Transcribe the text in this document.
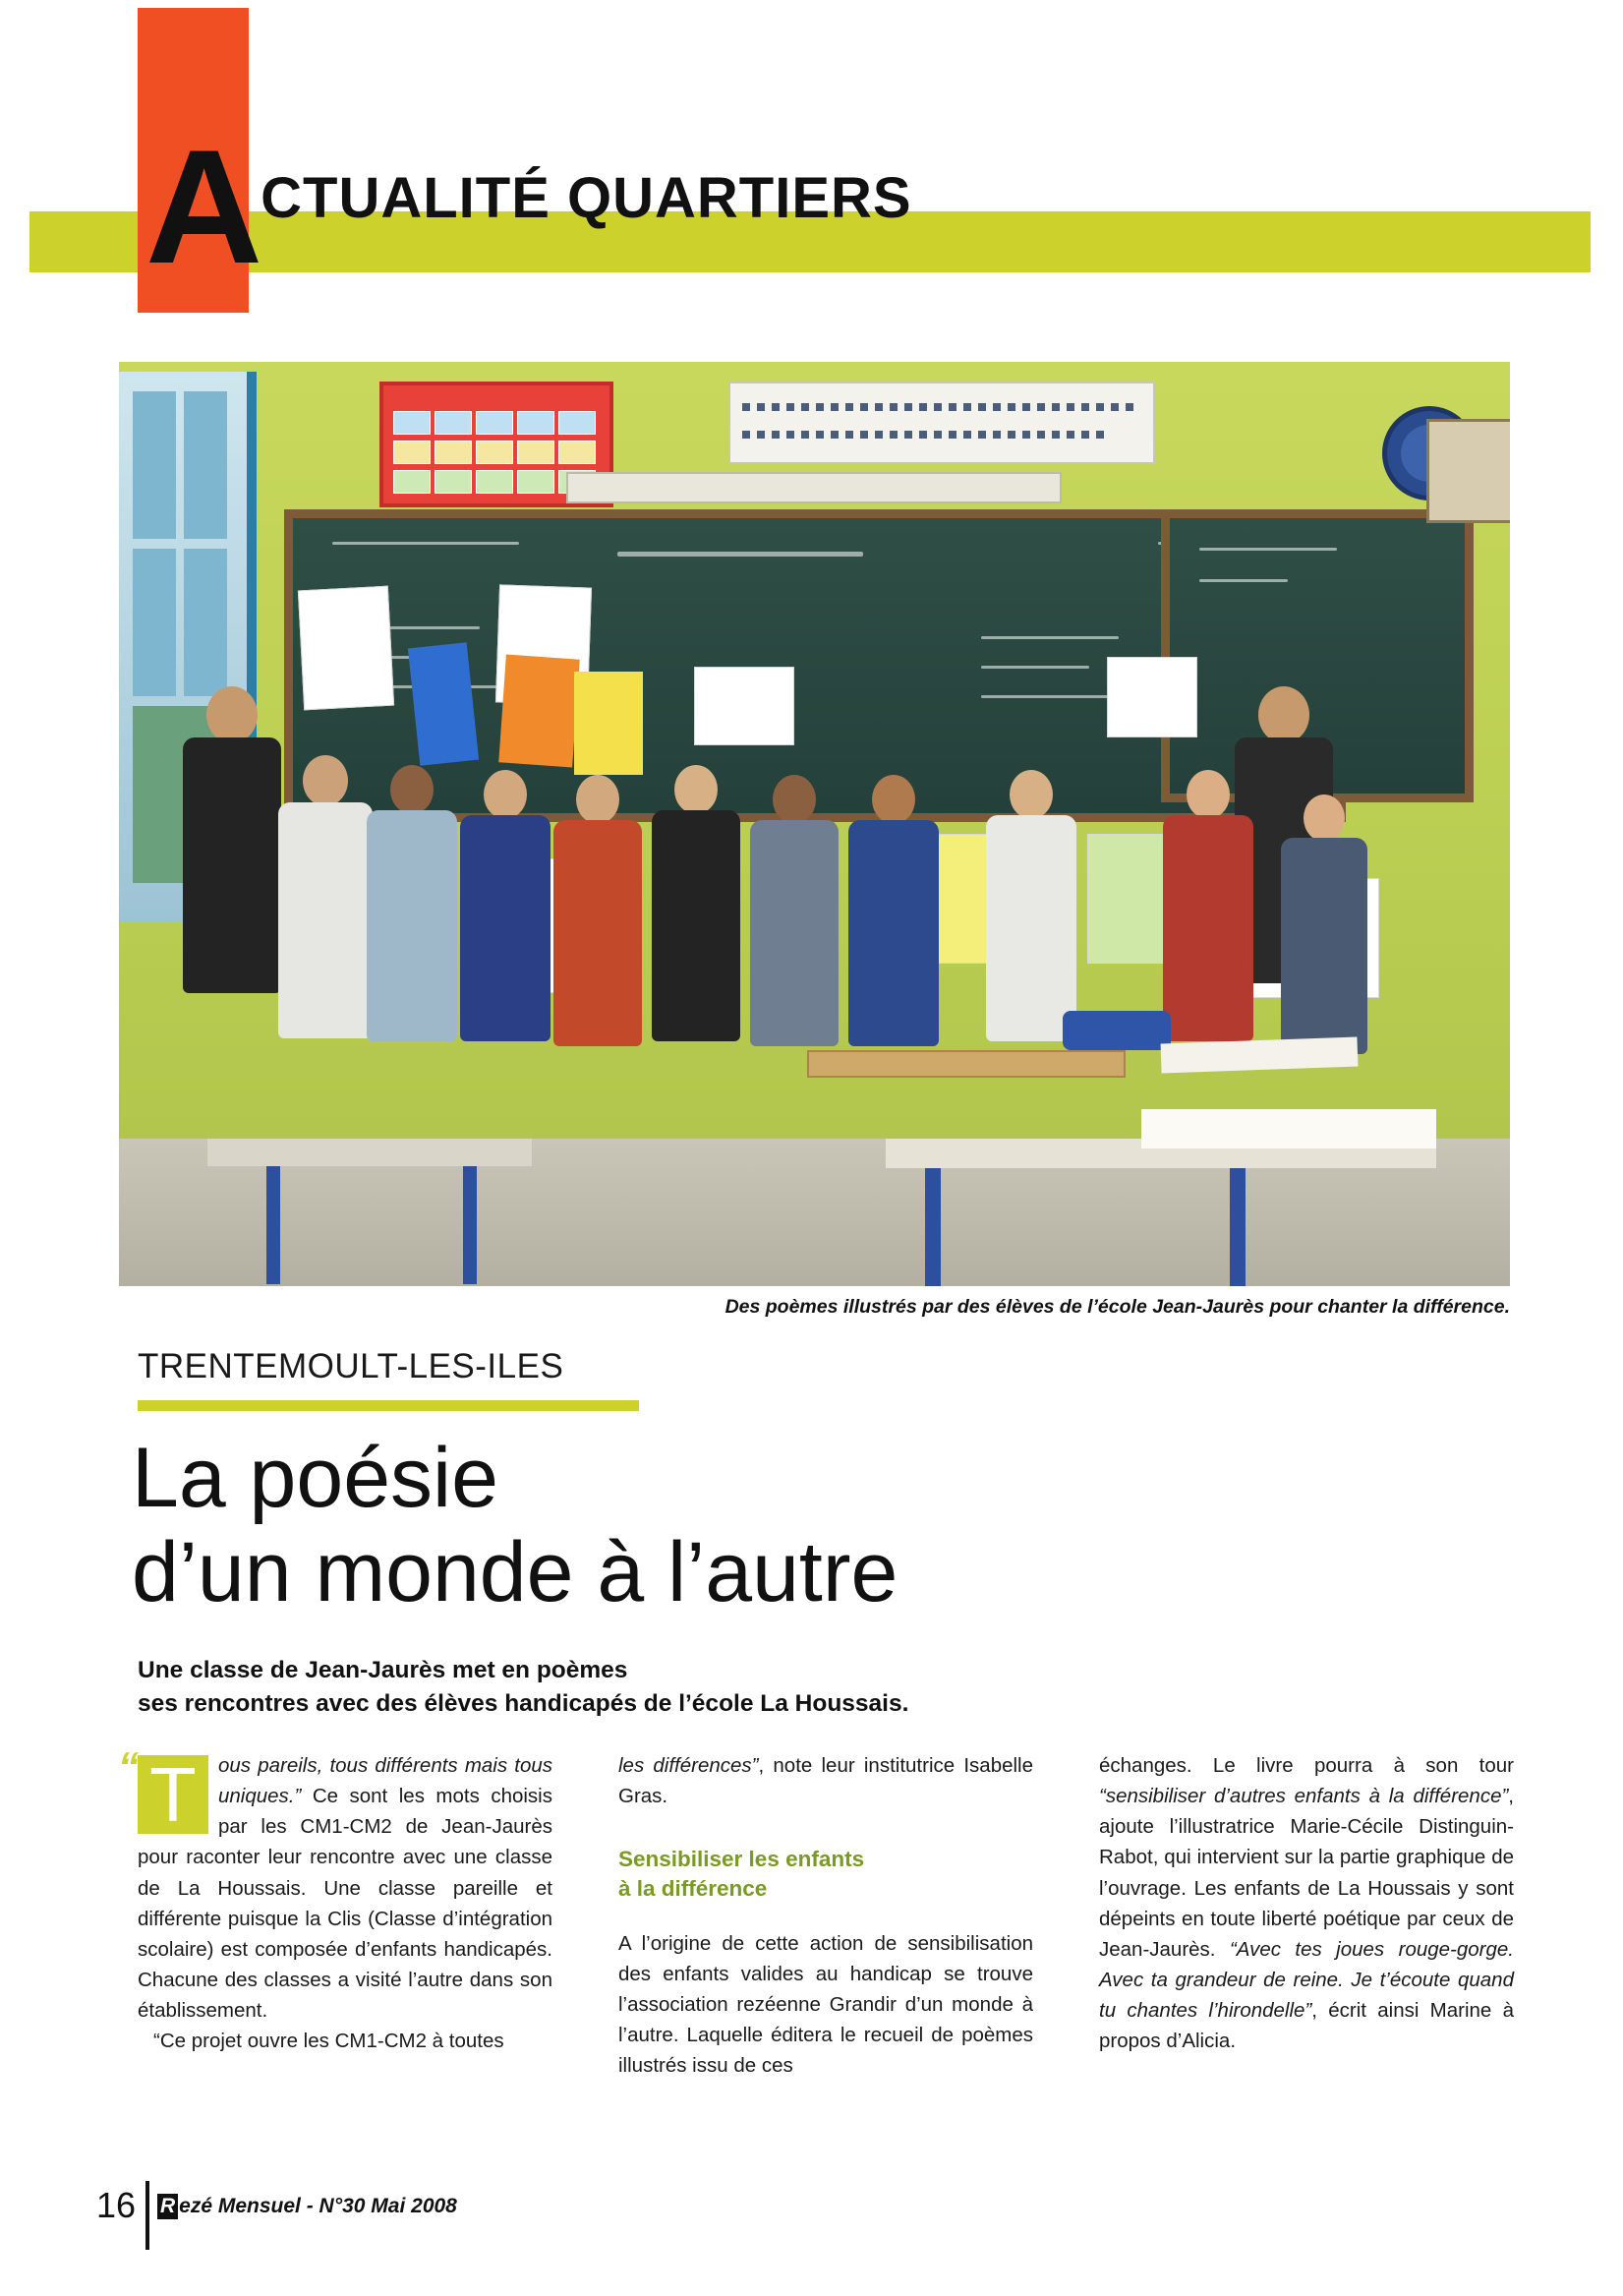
ACTUALITÉ QUARTIERS
Des poèmes illustrés par des élèves de l’école Jean-Jaurès pour chanter la différence.
TRENTEMOULT-LES-ILES
La poésie
d’un monde à l’autre
Une classe de Jean-Jaurès met en poèmes
ses rencontres avec des élèves handicapés de l’école La Houssais.
“ T	ous pareils, tous différents mais tous uniques.” Ce sont les mots choisis par les CM1-CM2 de Jean-Jaurès pour raconter leur rencontre avec une classe de La Houssais. Une classe pareille et différente puisque la Clis (Classe d’intégration scolaire) est composée d’enfants handicapés. Chacune des classes a visité l’autre dans son établissement.

“Ce projet ouvre les CM1-CM2 à toutes

les différences”, note leur institutrice Isabelle Gras.

Sensibiliser les enfants
à la différence

A l’origine de cette action de sensibilisation des enfants valides au handicap se trouve l’association rezéenne Grandir d’un monde à l’autre. Laquelle éditera le recueil de poèmes illustrés issu de ces

échanges. Le livre pourra à son tour “sensibiliser d’autres enfants à la différence”, ajoute l’illustratrice Marie-Cécile Distinguin-Rabot, qui intervient sur la partie graphique de l’ouvrage. Les enfants de La Houssais y sont dépeints en toute liberté poétique par ceux de Jean-Jaurès. “Avec tes joues rouge-gorge. Avec ta grandeur de reine. Je t’écoute quand tu chantes l’hirondelle”, écrit ainsi Marine à propos d’Alicia.

16 R ezé Mensuel - N°30 Mai 2008
